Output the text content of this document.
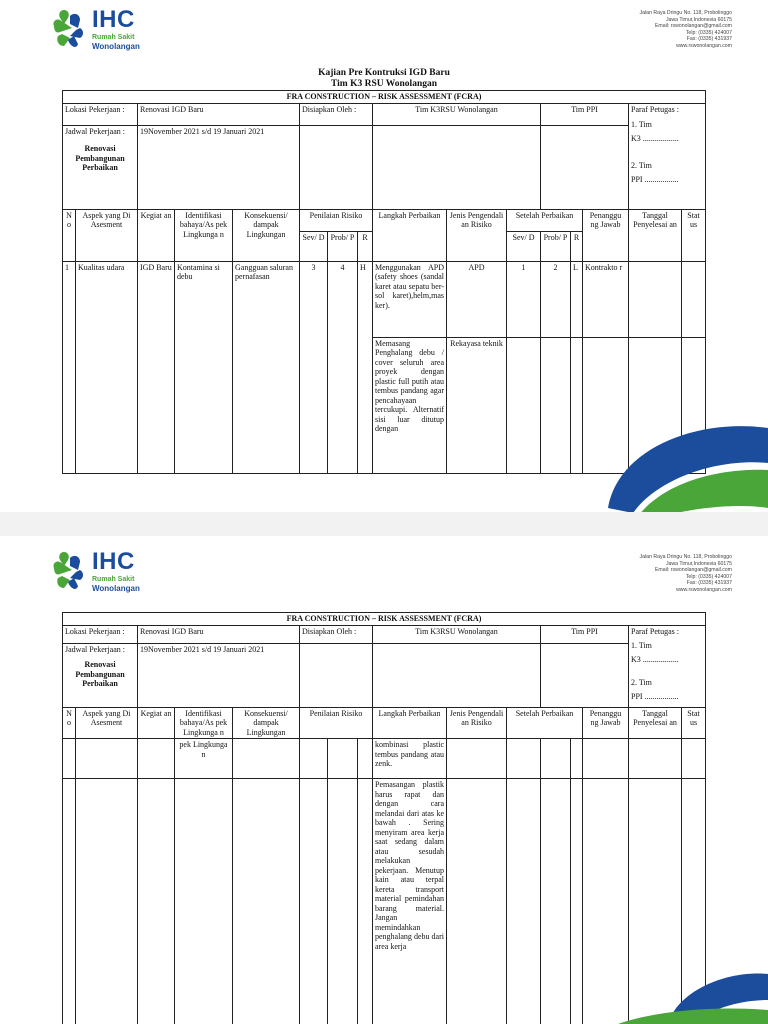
IHC
Rumah Sakit
Wonolangan
Jalan Raya Dringu No. 118, Probolinggo
Jawa Timur,Indonesia 60175
Email: rswonolangan@gmail.com
Telp: (0335) 424007
Fax: (0335) 431937
www.rswonolangan.com
Kajian Pre Kontruksi IGD Baru
Tim K3 RSU Wonolangan
FRA CONSTRUCTION – RISK ASSESSMENT (FCRA)															
Lokasi Pekerjaan :		Renovasi IGD Baru			Disiapkan Oleh :			Tim K3RSU Wonolangan			Tim PPI			Paraf Petugas :
1. Tim
K3 ..................
2. Tim
PPI .................	

Jadwal Pekerjaan :
Renovasi
Pembangunan
Perbaikan		19November 2021 s/d 19 Januari 2021													
N o	Aspek yang Di Asesment	Kegiat an	Identifikasi bahaya/As pek Lingkunga n	Konsekuensi/ dampak Lingkungan	Penilaian Risiko			Langkah Perbaikan	Jenis Pengendali an Risiko	Setelah Perbaikan			Penanggu ng Jawab	Tanggal Penyelesai an	Stat us
					Sev/ D	Prob/ P	R			Sev/ D	Prob/ P	R			
1	Kualitas udara	IGD Baru	Kontamina si debu	Gangguan saluran pernafasan	3	4	H	Menggunakan APD (safety shoes (sandal karet atau sepatu ber-sol karet),helm,mas ker).	APD	1	2	L	Kontrakto r		
								Memasang Penghalang debu / cover seluruh area proyek dengan plastic full putih atau tembus pandang agar pencahayaan tercukupi. Alternatif sisi luar ditutup dengan	Rekayasa teknik						
IHC
Rumah Sakit
Wonolangan
Jalan Raya Dringu No. 118, Probolinggo
Jawa Timur,Indonesia 60175
Email: rswonolangan@gmail.com
Telp: (0335) 424007
Fax: (0335) 431937
www.rswonolangan.com
FRA CONSTRUCTION – RISK ASSESSMENT (FCRA)															
Lokasi Pekerjaan :		Renovasi IGD Baru			Disiapkan Oleh :			Tim K3RSU Wonolangan			Tim PPI			Paraf Petugas :
1. Tim
K3 ..................
2. Tim
PPI .................	

Jadwal Pekerjaan :
Renovasi
Pembangunan
Perbaikan		19November 2021 s/d 19 Januari 2021													
N o	Aspek yang Di Asesment	Kegiat an	Identifikasi bahaya/As pek Lingkunga n	Konsekuensi/ dampak Lingkungan	Penilaian Risiko			Langkah Perbaikan	Jenis Pengendali an Risiko	Setelah Perbaikan			Penanggu ng Jawab	Tanggal Penyelesai an	Stat us
			pek Lingkunga n					kombinasi plastic tembus pandang atau zenk.							
								Pemasangan plastik harus rapat dan dengan cara melandai dari atas ke bawah . Sering menyiram area kerja saat sedang dalam atau sesudah melakukan pekerjaan. Menutup kain atau terpal kereta transport material pemindahan barang material. Jangan memindahkan penghalang debu dari area kerja							
